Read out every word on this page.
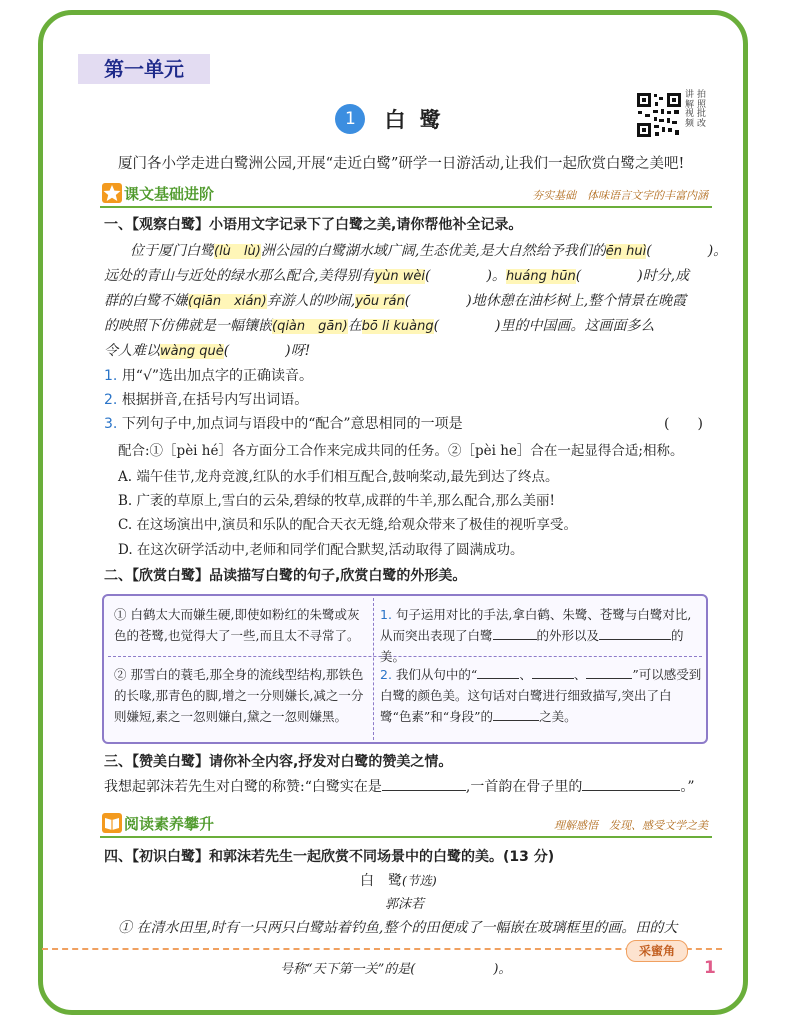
第一单元
讲解视频
拍照批改
1 白鹭
厦门各小学走进白鹭洲公园,开展“走近白鹭”研学一日游活动,让我们一起欣赏白鹭之美吧!
课文基础进阶	夯实基础　体味语言文字的丰富内涵
一、【观察白鹭】小语用文字记录下了白鹭之美,请你帮他补全记录。
位于厦门白鹭(lù　lù)洲公园的白鹭湖水域广阔,生态优美,是大自然给予我们的ēn huì(　　　　)。
远处的青山与近处的绿水那么配合,美得别有yùn wèi(　　　　)。huáng hūn(　　　　)时分,成
群的白鹭不嫌(qiān　xián)弃游人的吵闹,yōu rán(　　　　)地休憩在油杉树上,整个情景在晚霞
的映照下仿佛就是一幅镶嵌(qiàn　gān)在bō li kuàng(　　　　)里的中国画。这画面多么
令人难以wàng què(　　　　)呀!
1. 用“√”选出加点字的正确读音。
2. 根据拼音,在括号内写出词语。
3. 下列句子中,加点词与语段中的“配合”意思相同的一项是	(　　)
配合:①［pèi hé］各方面分工合作来完成共同的任务。②［pèi he］合在一起显得合适;相称。
A. 端午佳节,龙舟竞渡,红队的水手们相互配合,鼓响桨动,最先到达了终点。
B. 广袤的草原上,雪白的云朵,碧绿的牧草,成群的牛羊,那么配合,那么美丽!
C. 在这场演出中,演员和乐队的配合天衣无缝,给观众带来了极佳的视听享受。
D. 在这次研学活动中,老师和同学们配合默契,活动取得了圆满成功。
二、【欣赏白鹭】品读描写白鹭的句子,欣赏白鹭的外形美。
① 白鹤太大而嫌生硬,即使如粉红的朱鹭或灰色的苍鹭,也觉得大了一些,而且太不寻常了。
1. 句子运用对比的手法,拿白鹤、朱鹭、苍鹭与白鹭对比,从而突出表现了白鹭	的外形以及	的美。
② 那雪白的蓑毛,那全身的流线型结构,那铁色的长喙,那青色的脚,增之一分则嫌长,减之一分则嫌短,素之一忽则嫌白,黛之一忽则嫌黑。
2. 我们从句中的“	、	、	”可以感受到白鹭的颜色美。这句话对白鹭进行细致描写,突出了白鹭“色素”和“身段”的	之美。
三、【赞美白鹭】请你补全内容,抒发对白鹭的赞美之情。
我想起郭沫若先生对白鹭的称赞:“白鹭实在是	,一首韵在骨子里的	。”
阅读素养攀升	理解感悟　发现、感受文学之美
四、【初识白鹭】和郭沫若先生一起欣赏不同场景中的白鹭的美。(13 分)
白　鹭(节选)
郭沫若
① 在清水田里,时有一只两只白鹭站着钓鱼,整个的田便成了一幅嵌在玻璃框里的画。田的大
采蜜角
号称“天下第一关”的是(　　　　　　)。	1
